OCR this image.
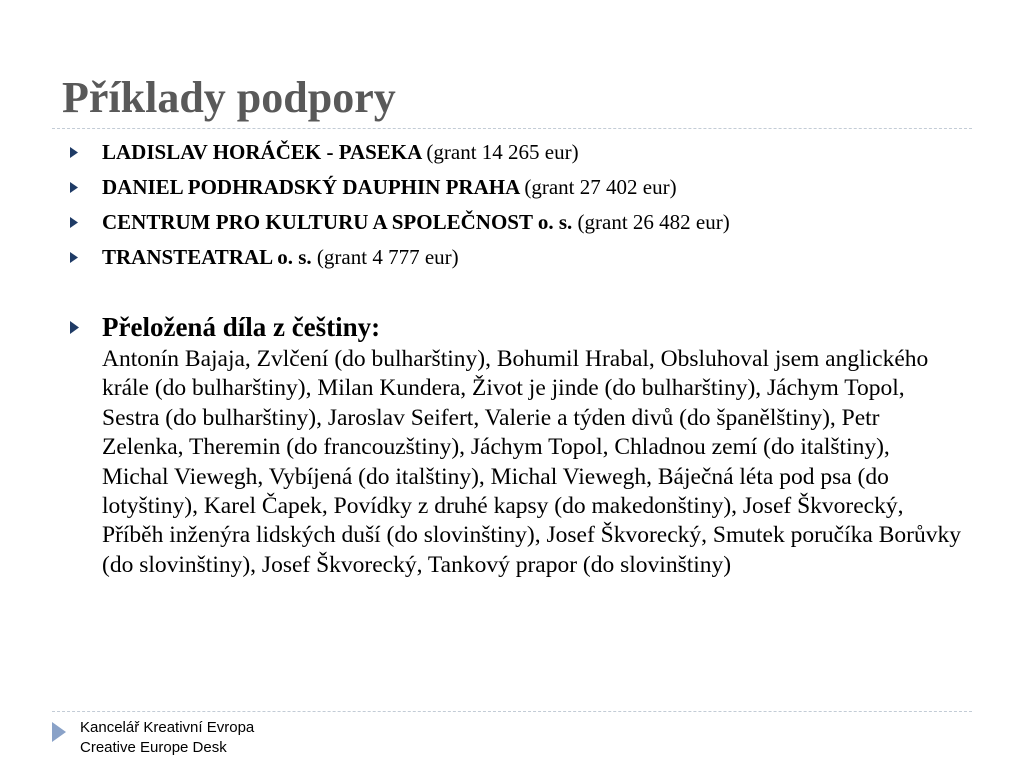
Příklady podpory
LADISLAV HORÁČEK - PASEKA (grant 14 265 eur)
DANIEL PODHRADSKÝ DAUPHIN PRAHA (grant 27 402 eur)
CENTRUM PRO KULTURU A SPOLEČNOST o. s. (grant 26 482 eur)
TRANSTEATRAL o. s. (grant 4 777 eur)
Přeložená díla z češtiny:

Antonín Bajaja, Zvlčení (do bulharštiny), Bohumil Hrabal, Obsluhoval jsem anglického krále (do bulharštiny), Milan Kundera, Život je jinde (do bulharštiny), Jáchym Topol, Sestra (do bulharštiny), Jaroslav Seifert, Valerie a týden divů (do španělštiny), Petr Zelenka, Theremin (do francouzštiny), Jáchym Topol, Chladnou zemí (do italštiny), Michal Viewegh, Vybíjená (do italštiny), Michal Viewegh, Báječná léta pod psa (do lotyštiny), Karel Čapek, Povídky z druhé kapsy (do makedonštiny), Josef Škvorecký, Příběh inženýra lidských duší (do slovinštiny), Josef Škvorecký, Smutek poručíka Borůvky (do slovinštiny), Josef Škvorecký, Tankový prapor (do slovinštiny)

Kancelář Kreativní Evropa
Creative Europe Desk
